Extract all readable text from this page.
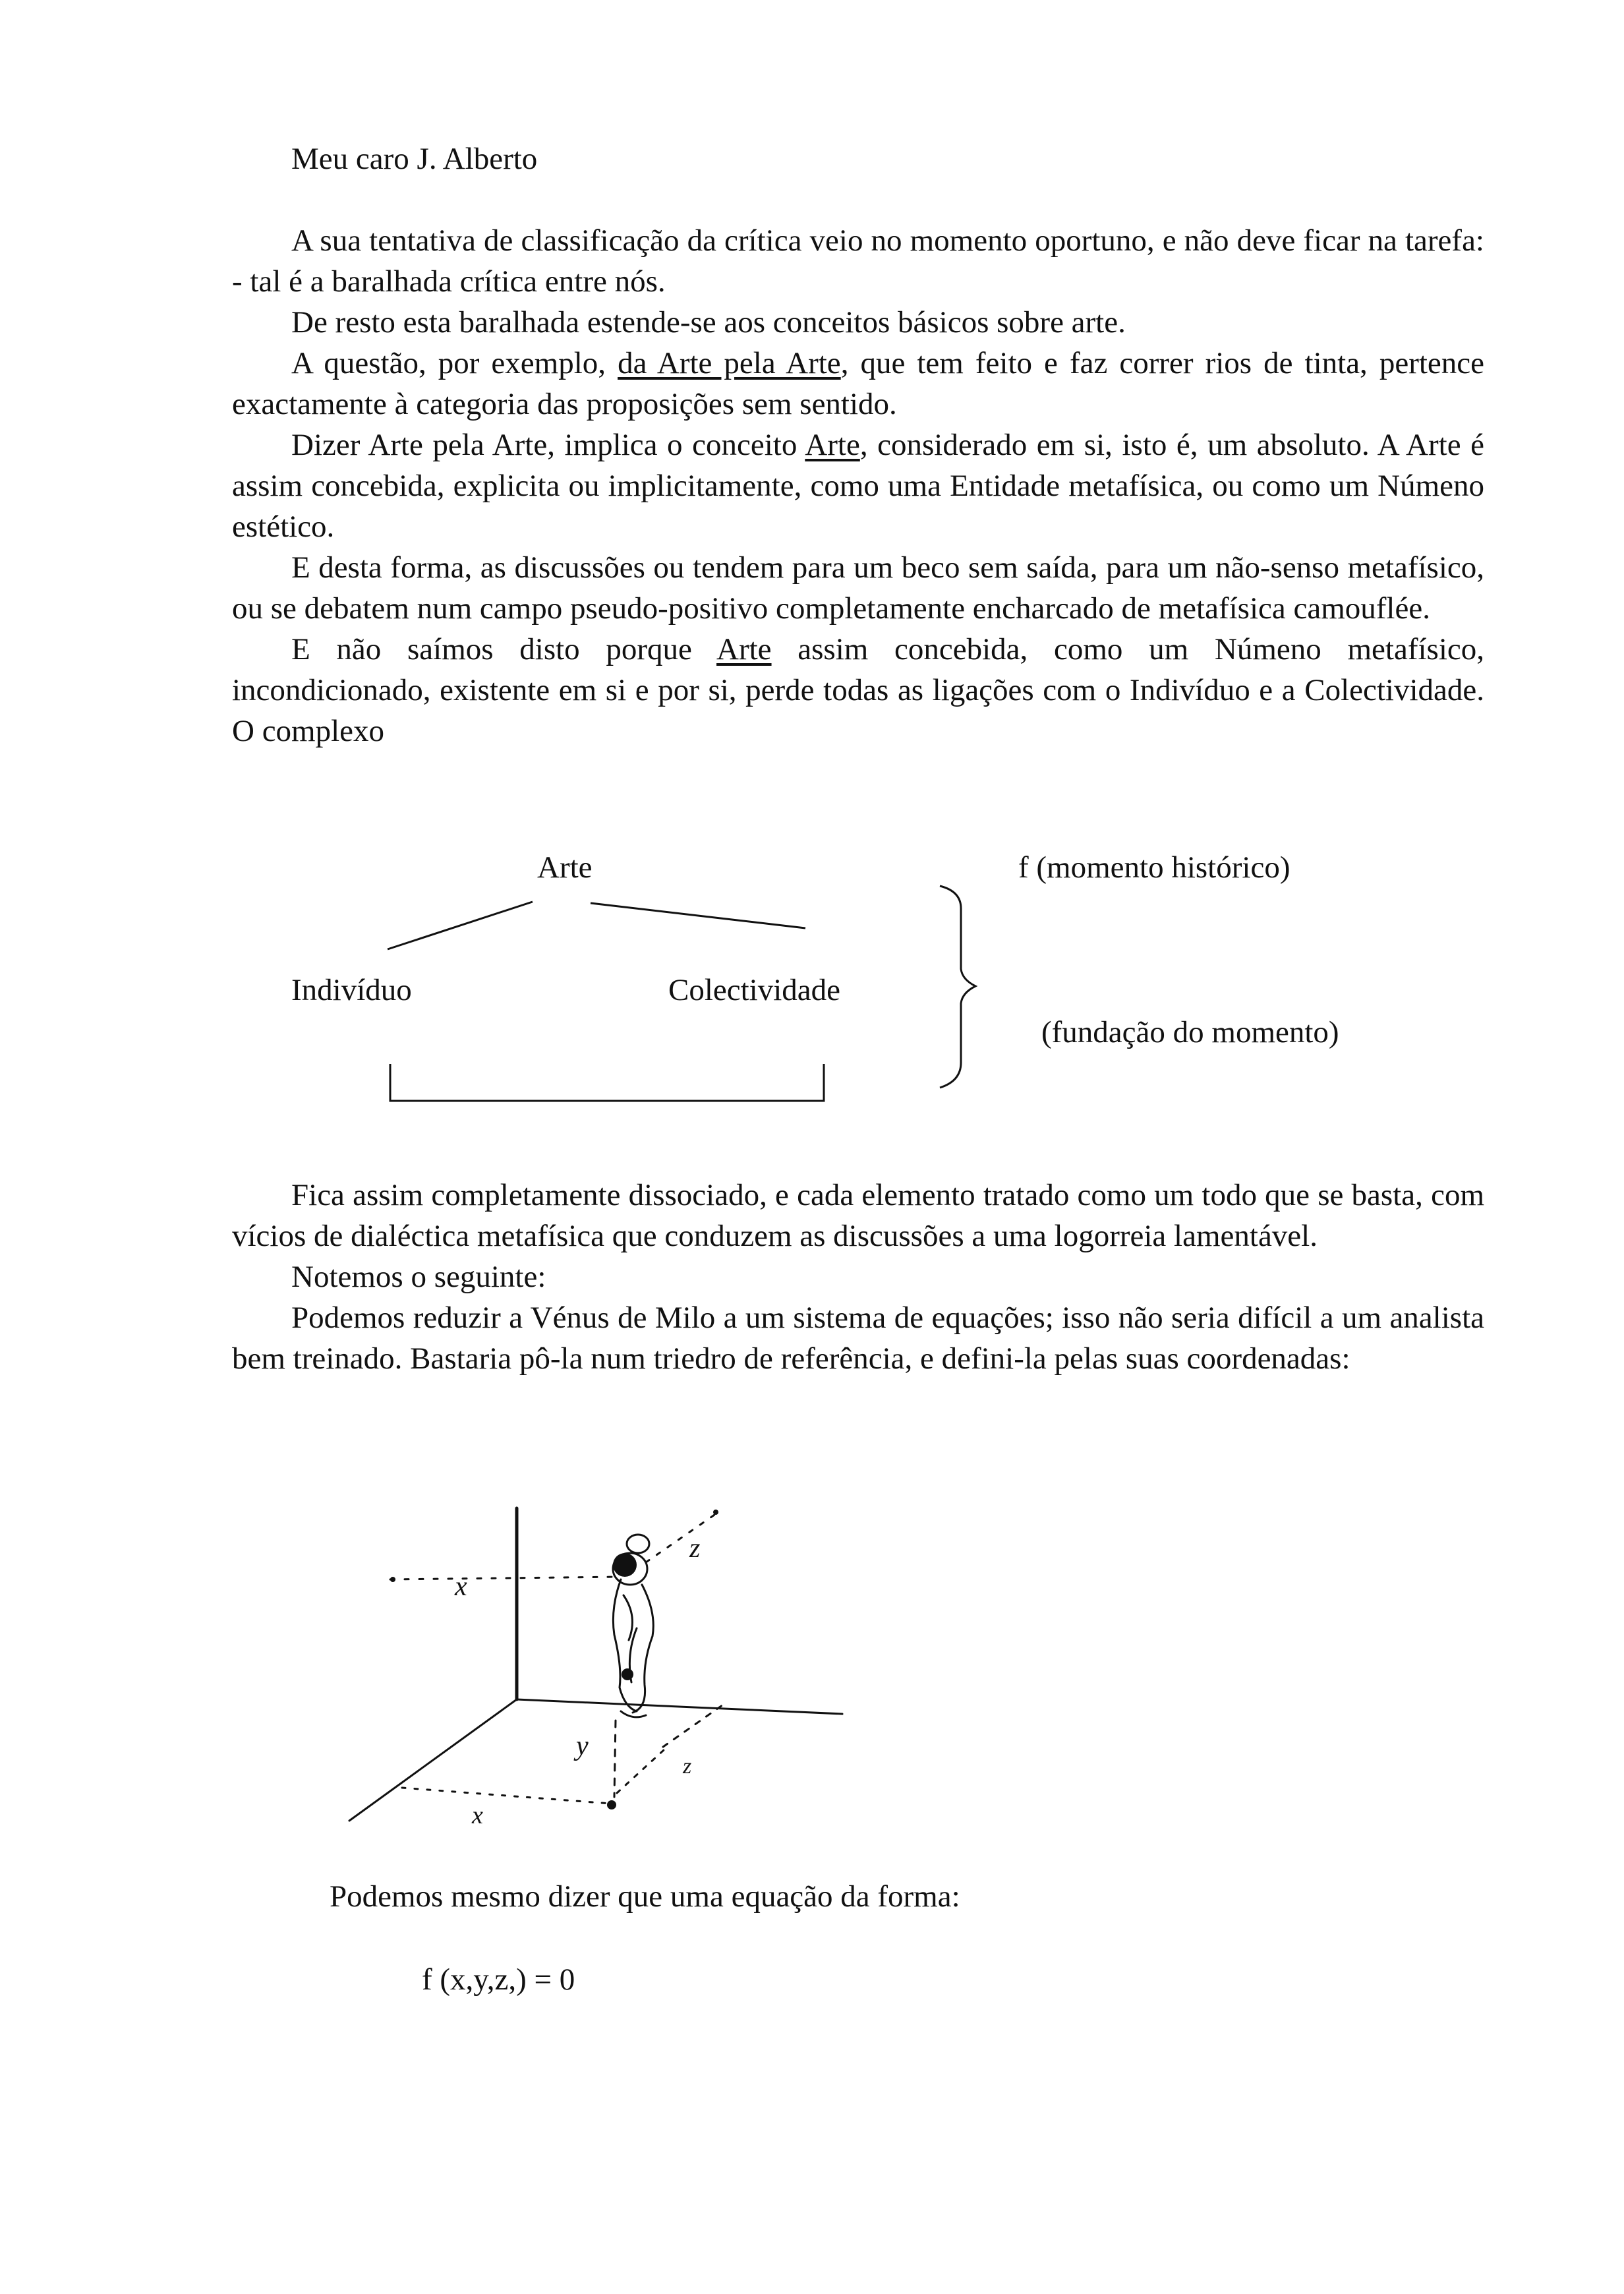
Meu caro J. Alberto

A sua tentativa de classificação da crítica veio no momento oportuno, e não deve ficar na tarefa: - tal é a baralhada crítica entre nós.

De resto esta baralhada estende-se aos conceitos básicos sobre arte.

A questão, por exemplo, da Arte pela Arte, que tem feito e faz correr rios de tinta, pertence exactamente à categoria das proposições sem sentido.

Dizer Arte pela Arte, implica o conceito Arte, considerado em si, isto é, um absoluto. A Arte é assim concebida, explicita ou implicitamente, como uma Entidade metafísica, ou como um Númeno estético.

E desta forma, as discussões ou tendem para um beco sem saída, para um não-senso metafísico, ou se debatem num campo pseudo-positivo completamente encharcado de metafísica camouflée.

E não saímos disto porque Arte assim concebida, como um Númeno metafísico, incondicionado, existente em si e por si, perde todas as ligações com o Indivíduo e a Colectividade. O complexo

Arte
Indivíduo	Colectividade
f (momento histórico)
(fundação do momento)

Fica assim completamente dissociado, e cada elemento tratado como um todo que se basta, com vícios de dialéctica metafísica que conduzem as discussões a uma logorreia lamentável.

Notemos o seguinte:

Podemos reduzir a Vénus de Milo a um sistema de equações; isso não seria difícil a um analista bem treinado. Bastaria pô-la num triedro de referência, e defini-la pelas suas coordenadas:

x
z
y
z
x
Podemos mesmo dizer que uma equação da forma:
f (x,y,z,) = 0
